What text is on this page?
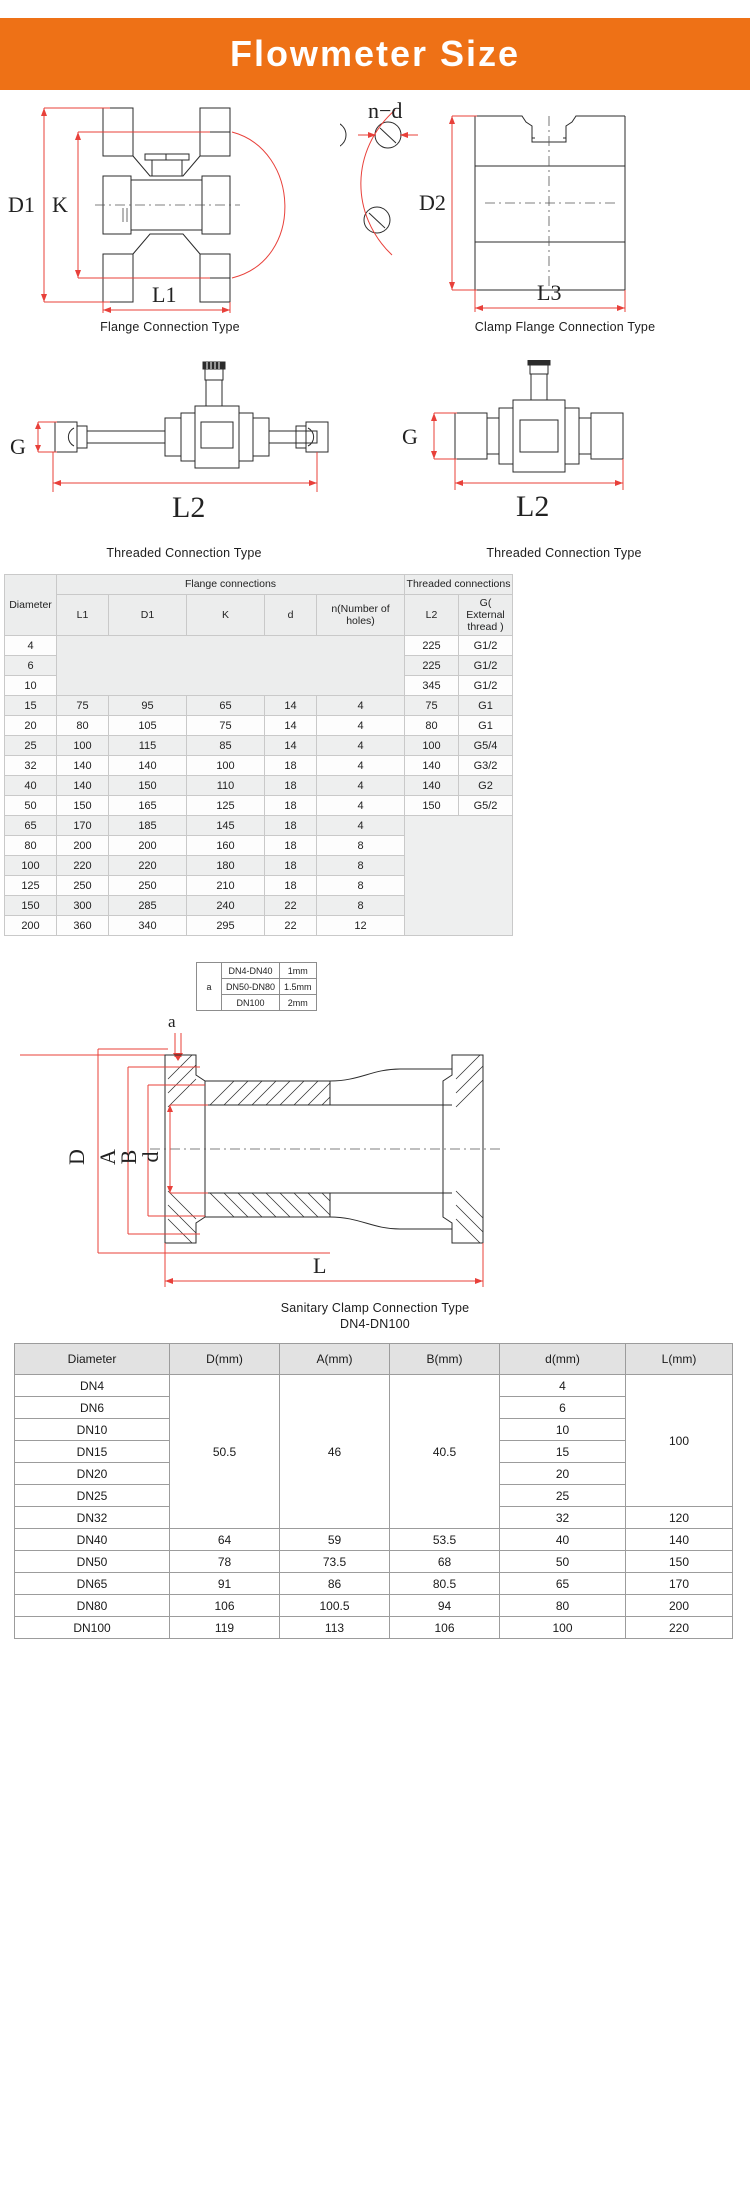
Flowmeter Size
D1 K
L1
Flange Connection Type
n−d
D2
L3
Clamp Flange Connection Type
G
L2
Threaded Connection Type
G
L2
Threaded Connection Type
Diameter	Flange connections					Threaded connections	
	L1	D1	K	d	n(Number of holes)	L2	G( External thread )
4						225	G1/2
6						225	G1/2
10						345	G1/2
15	75	95	65	14	4	75	G1
20	80	105	75	14	4	80	G1
25	100	115	85	14	4	100	G5/4
32	140	140	100	18	4	140	G3/2
40	140	150	110	18	4	140	G2
50	150	165	125	18	4	150	G5/2
65	170	185	145	18	4		
80	200	200	160	18	8		
100	220	220	180	18	8		
125	250	250	210	18	8		
150	300	285	240	22	8		
200	360	340	295	22	12		
a	DN4-DN40	1mm
	DN50-DN80	1.5mm
	DN100	2mm
a
D A
B
d
L
Sanitary Clamp Connection Type
DN4-DN100
Diameter	D(mm)	A(mm)	B(mm)	d(mm)	L(mm)
DN4	50.5	46	40.5	4	100
DN6				6	
DN10				10	
DN15				15	
DN20				20	
DN25				25	
DN32				32	120
DN40	64	59	53.5	40	140
DN50	78	73.5	68	50	150
DN65	91	86	80.5	65	170
DN80	106	100.5	94	80	200
DN100	119	113	106	100	220
